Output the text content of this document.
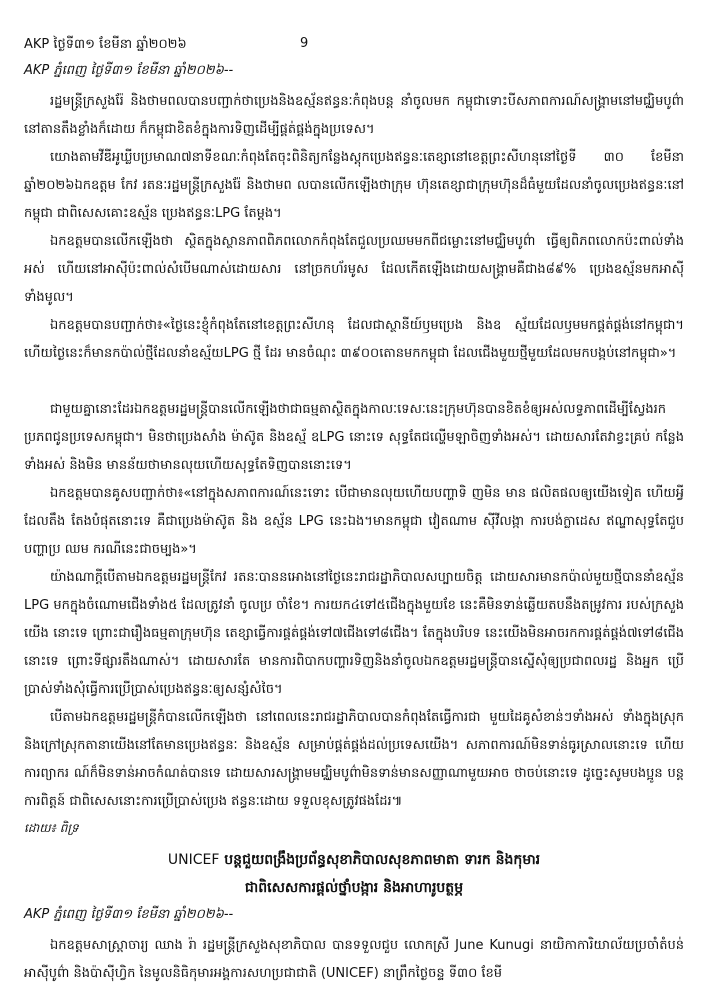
AKP ថ្ងៃទី៣១ ខែមីនា ឆ្នាំ២០២៦	9
AKP ភ្នំពេញ ថ្ងៃទី៣១ ខែមីនា ឆ្នាំ២០២៦--

រដ្ឋមន្ត្រីក្រសួងរ៉ែ និងថាមពលបានបញ្ជាក់ថាប្រេងនិងឧស្ម័នឥន្ធនៈកំពុងបន្ត នាំចូលមក កម្ពុជាទោះបីសភាពការណ៍សង្គ្រាមនៅមជ្ឈិមបូព៌ានៅតានតឹងខ្លាំងក៏ដោយ ក៏កម្ពុជាខិតខំក្នុងការទិញដើម្បីផ្គត់ផ្គង់ក្នុងប្រទេស។

យោងតាមវីឌីអូឃ្លីបប្រមាណ៧នាទីខណៈកំពុងតែចុះពិនិត្យកន្លែងស្តុកប្រេងឥន្ធនៈតេខ្សានៅខេត្តព្រះសីហនុនៅថ្ងៃទី ៣០ ខែមីនា ឆ្នាំ២០២៦ឯកឧត្តម កែវ រតនៈរដ្ឋមន្ត្រីក្រសួងរ៉ែ និងថាមព លបានលើកឡើងថាក្រុម ហ៊ុនតេខ្សាជាក្រុមហ៊ុនដ៏ធំមួយដែលនាំចូលប្រេងឥន្ធនៈនៅកម្ពុជា ជាពិសេសគោះឧស្ម័ន ប្រេងឥន្ធនៈLPG តែម្តង។

ឯកឧត្តមបានលើកឡើងថា ស្ថិតក្នុងស្ថានភាពពិភពលោកកំពុងតែជួលប្រឈមមកពីជម្លោះនៅមជ្ឈិមបូព៌ា ធ្វើឲ្យពិភពលោកប៉ះពាល់ទាំងអស់ ហើយនៅអាស៊ីប៉ះពាល់សំបើមណាស់ដោយសារ នៅច្រកហ័រមូស ដែលកើតឡើងដោយសង្គ្រាមគឺជាង៨៩% ប្រេងឧស្ម័នមកអាស៊ីទាំងមូល។

ឯកឧត្តមបានបញ្ជាក់ថា៖«ថ្ងៃនេះខ្ញុំកំពុងតែនៅខេត្តព្រះសីហនុ ដែលជាស្ថានីយ៍ឫមប្រេង និងឧ ស្ម័យដែលឫមមកផ្គត់ផ្គង់នៅកម្ពុជា។ ហើយថ្ងៃនេះក៏មានកប៉ាល់ថ្មីដែលនាំឧស្ម័យLPG ថ្មី ដែរ មានចំណុះ ៣៩០០តោនមកកម្ពុជា ដែលជើងមួយថ្មីមួយដែលមកបង្កប់នៅកម្ពុជា»។

ជាមួយគ្នានោះដែរឯកឧត្តមរដ្ឋមន្ត្រីបានលើកឡើងថាជាធម្មតាស្ថិតក្នុងកាលៈទេសៈនេះក្រុមហ៊ុនបានខិតខំឲ្យអស់លទ្ធភាពដើម្បីស្វែងរកប្រភពជូនប្រទេសកម្ពុជា។ មិនថាប្រេងសាំង ម៉ាស៊ូត និងឧស្ម័ ឧLPG នោះទេ សុទ្ធតែជល្ហើមឡាចិញទាំងអស់។ ដោយសារតែវាខ្វះគ្រប់ កន្លែងទាំងអស់ និងមិន មានន័យថាមានលុយហើយសុទ្ធតែទិញបាននោះទេ។

ឯកឧត្តមបានគូសបញ្ជាក់ថា៖«នៅក្នុងសភាពការណ៍នេះទោះ បើជាមានលុយហើយបញ្ហាទិ ញមិន មាន ផលិតផលឲ្យយើងទៀត ហើយអ្វីដែលតឹង តែងបំផុតនោះទេ គឺជាប្រេងម៉ាស៊ូត និង ឧស្ម័ន LPG នេះឯង។មានកម្ពុជា វៀតណាម ស៊ីវីលង្កា ការបង់ក្លាដេស ឥណ្ឌាសុទ្ធតែជួបបញ្ហាប្រ ឈម ករណីនេះជាចម្បង»។

យ៉ាងណាក្តីបើតាមឯកឧត្តមរដ្ឋមន្ត្រីកែវ រតនៈបាននអោងនៅថ្ងៃនេះរាជរដ្ឋាភិបាលសប្បាយចិត្ត ដោយសារមានកប៉ាល់មួយថ្មីបាននាំឧស្ម័ន LPG មកក្នុងចំណោមជើងទាំង៥ ដែលត្រូវនាំ ចូលប្រ ចាំខែ។ ការយក៤ទៅ៥ជើងក្នុងមួយខែ នេះគឺមិនទាន់ឆ្លើយតបនឹងតម្រូវការ របស់ក្រសួងយើង នោះទេ ព្រោះជារឿងធម្មតាក្រុមហ៊ុន តេខ្សាធ្វើការផ្គត់ផ្គង់ទៅ៧ជើងទៅ៨ជើង។ តែក្នុងបរិបទ នេះយើងមិនអាចរកការផ្គត់ផ្គង់៧ទៅ៨ជើងនោះទេ ព្រោះទីផ្សារតឹងណាស់។ ដោយសារតែ មានការពិបាកបញ្ហារទិញនិងនាំចូលឯកឧត្តមរដ្ឋមន្ត្រីបានស្នើសុំឲ្យប្រជាពលរដ្ឋ និងអ្នក ប្រើប្រាស់ទាំងសុំធ្វើការប្រើប្រាស់ប្រេងឥន្ធនៈឲ្យសន្សំសំចៃ។

បើតាមឯកឧត្តមរដ្ឋមន្ត្រីកំបានលើកឡើងថា នៅពេលនេះរាជរដ្ឋាភិបាលបានកំពុងតែធ្វើការជា មួយដៃគូសំខាន់ៗទាំងអស់ ទាំងក្នុងស្រុក និងក្រៅស្រុកតានាយើងនៅតែមានប្រេងឥន្ធនៈ និងឧស្ម័ន សម្រាប់ផ្គត់ផ្គង់ដល់ប្រទេសយើង។ សភាពការណ៍មិនទាន់ធូរស្រាលនោះទេ ហើយការព្យាករ ណ៍ក៏មិនទាន់អាចកំណត់បានទេ ដោយសារសង្គ្រាមមជ្ឈិមបូព៌ាមិនទាន់មានសញ្ញាណាមួយអាច ថាចប់នោះទេ ដូច្នេះសូមបងប្អូន បន្តការពិត្តន៍ ជាពិសេសនោះការប្រើប្រាស់ប្រេង ឥន្ធនៈដោយ ទទួលខុសត្រូវផងដែរ៕

ដោយ៖ ពិទ្រ
UNICEF បន្តជួយពង្រឹងប្រព័ន្ធសុខាភិបាលសុខភាពមាតា ទារក និងកុមារ
ជាពិសេសការផ្តល់ថ្នាំបង្ការ និងអាហារូបត្ថម្ភ
AKP ភ្នំពេញ ថ្ងៃទី៣១ ខែមីនា ឆ្នាំ២០២៦--

ឯកឧត្តមសាស្ត្រាចារ្យ ឈាង រ៉ា រដ្ឋមន្ត្រីក្រសួងសុខាភិបាល បានទទួលជួប លោកស្រី June Kunugi នាយិកាការិយាល័យប្រចាំតំបន់អាស៊ីបូព៌ា និងប៉ាស៊ីហ្វិក នៃមូលនិធិកុមារអង្គការសហប្រជាជាតិ (UNICEF) នាព្រឹកថ្ងៃចន្ទ ទី៣០ ខែមី
